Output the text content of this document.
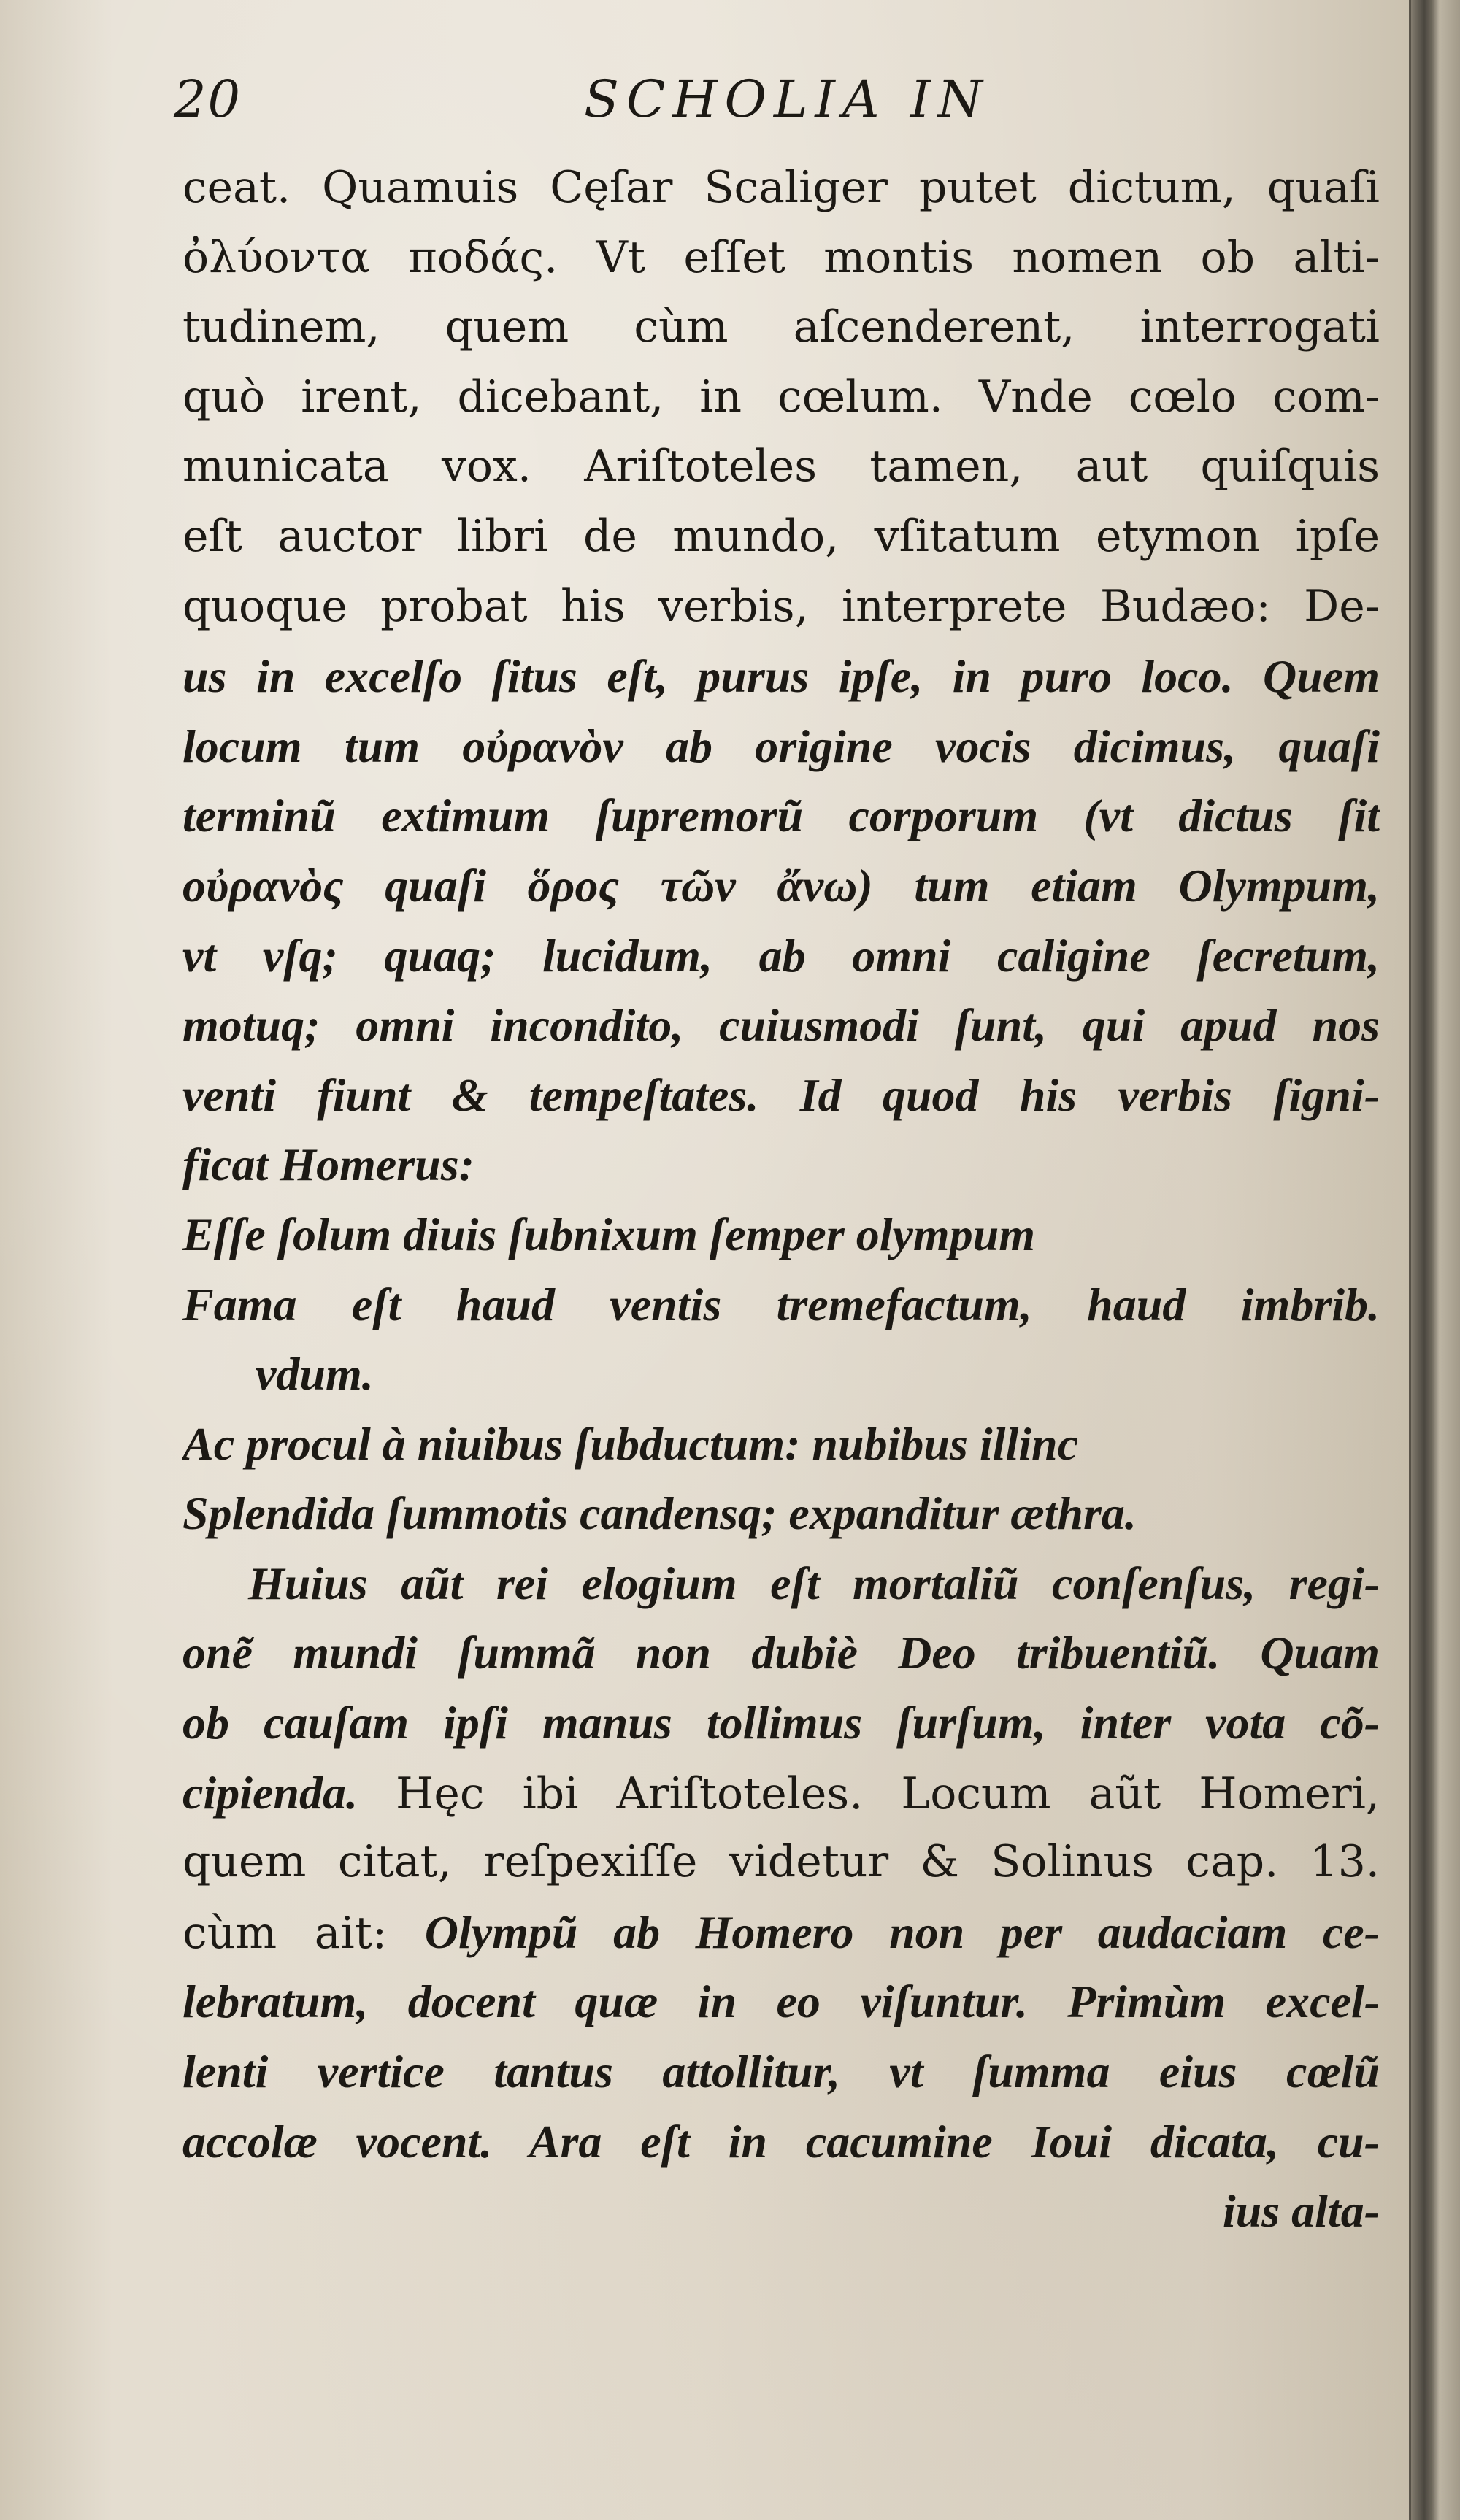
20	SCHOLIA IN
ceat. Quamuis Cęſar Scaliger putet dictum, quaſi
ὀλύοντα ποδάς. Vt eſſet montis nomen ob alti-
tudinem, quem cùm aſcenderent, interrogati
quò irent, dicebant, in cœlum. Vnde cœlo com-
municata vox. Ariſtoteles tamen, aut quiſquis
eſt auctor libri de mundo, vſitatum etymon ipſe
quoque probat his verbis, interprete Budæo: De-
us in excelſo ſitus eſt, purus ipſe, in puro loco. Quem
locum tum οὐρανὸν ab origine vocis dicimus, quaſi
terminũ extimum ſupremorũ corporum (vt dictus ſit
οὐρανὸς quaſi ὅρος τῶν ἄνω) tum etiam Olympum,
vt vſq; quaq; lucidum, ab omni caligine ſecretum,
motuq; omni incondito, cuiusmodi ſunt, qui apud nos
venti fiunt & tempeſtates. Id quod his verbis ſigni-
ficat Homerus:
Eſſe ſolum diuis ſubnixum ſemper olympum
Fama eſt haud ventis tremefactum, haud imbrib.
vdum.
Ac procul à niuibus ſubductum: nubibus illinc
Splendida ſummotis candensq; expanditur æthra.
Huius aũt rei elogium eſt mortaliũ conſenſus, regi-
onẽ mundi ſummã non dubiè Deo tribuentiũ. Quam
ob cauſam ipſi manus tollimus ſurſum, inter vota cõ-
cipienda. Hęc ibi Ariſtoteles. Locum aũt Homeri,
quem citat, reſpexiſſe videtur & Solinus cap. 13.
cùm ait: Olympũ ab Homero non per audaciam ce-
lebratum, docent quæ in eo viſuntur. Primùm excel-
lenti vertice tantus attollitur, vt ſumma eius cœlũ
accolæ vocent. Ara eſt in cacumine Ioui dicata, cu-
ius alta-
